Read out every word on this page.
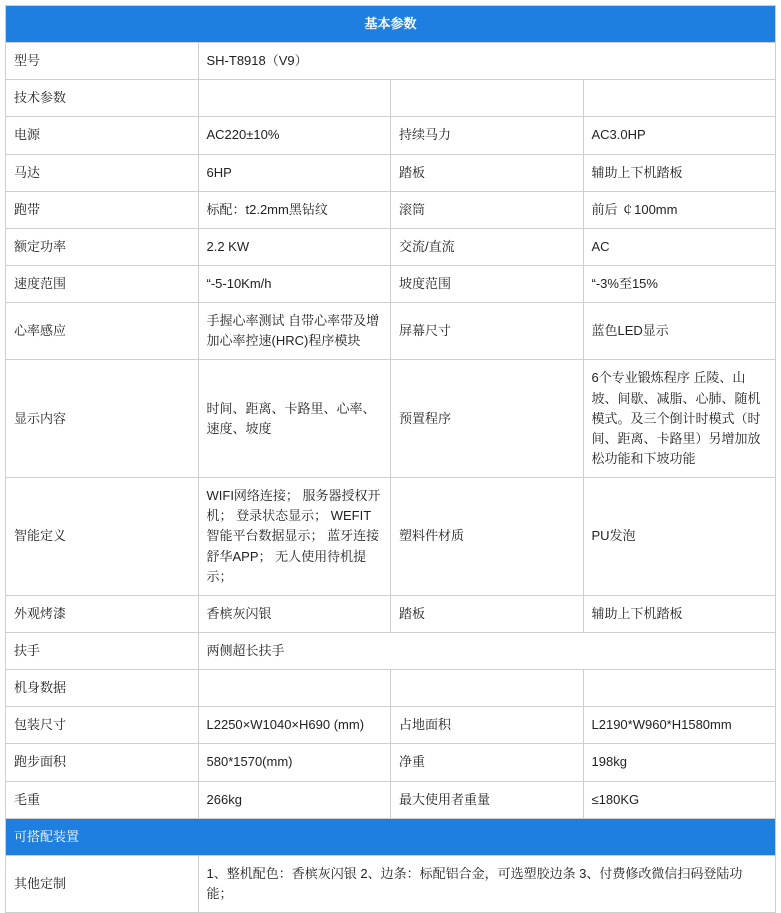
基本参数			
型号	SH-T8918（V9）		
技术参数			
电源	AC220±10%	持续马力	AC3.0HP
马达	6HP	踏板	辅助上下机踏板
跑带	标配：t2.2mm黑钻纹	滚筒	前后 ￠100mm
额定功率	2.2 KW	交流/直流	AC
速度范围	“-5-10Km/h	坡度范围	“-3%至15%
心率感应	手握心率测试 自带心率带及增加心率控速(HRC)程序模块	屏幕尺寸	蓝色LED显示
显示内容	时间、距离、卡路里、心率、速度、坡度	预置程序	6个专业锻炼程序 丘陵、山坡、间歇、减脂、心肺、随机模式。及三个倒计时模式（时间、距离、卡路里）另增加放松功能和下坡功能
智能定义	WIFI网络连接； 服务器授权开机； 登录状态显示； WEFIT智能平台数据显示； 蓝牙连接舒华APP； 无人使用待机提示；	塑料件材质	PU发泡
外观烤漆	香槟灰闪银	踏板	辅助上下机踏板
扶手	两侧超长扶手		
机身数据			
包装尺寸	L2250×W1040×H690 (mm)	占地面积	L2190*W960*H1580mm
跑步面积	580*1570(mm)	净重	198kg
毛重	266kg	最大使用者重量	≤180KG
可搭配装置			
其他定制	1、整机配色：香槟灰闪银 2、边条：标配铝合金，可选塑胶边条 3、付费修改微信扫码登陆功能；		
